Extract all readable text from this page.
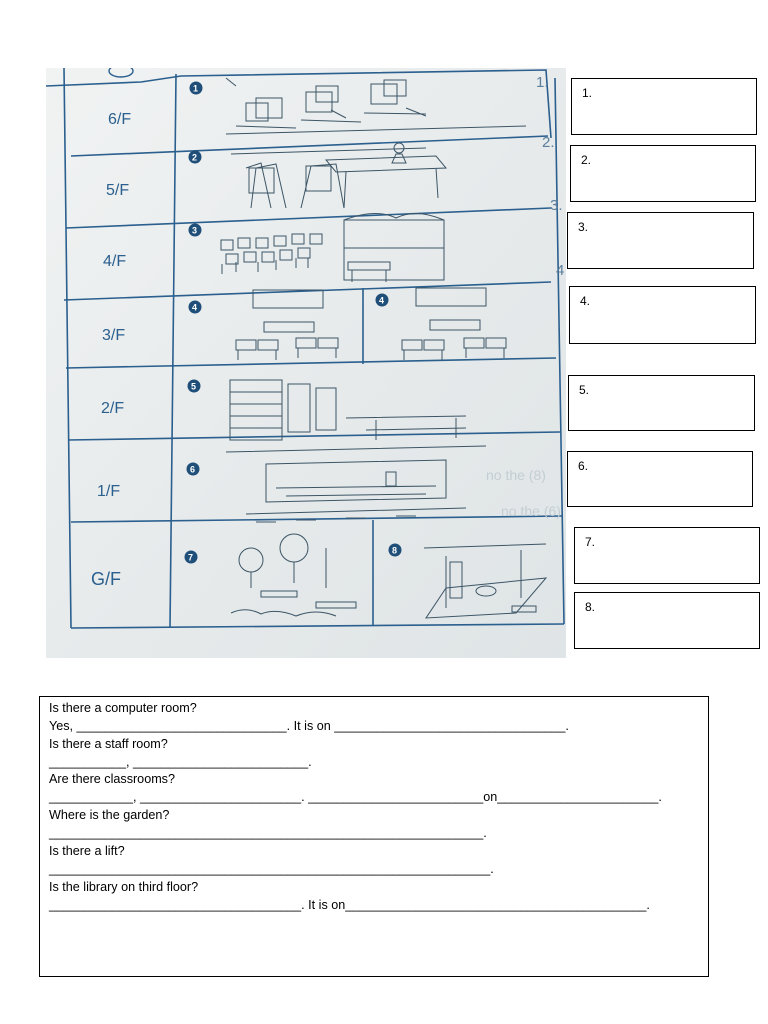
6/F
5/F
4/F
3/F
2/F
1/F
G/F
1.
2.
3.
4
no the (8)
no the (6)
1
2
3
4
4
5
6
7
8
1.
2.
3.
4.
5.
6.
7.
8.
Is there a computer room?
Yes, ______________________________. It is on _________________________________.
Is there a staff room?
___________, _________________________.
Are there classrooms?
____________, _______________________. _________________________on_______________________.
Where is the garden?
______________________________________________________________.
Is there a lift?
_______________________________________________________________.
Is the library on third floor?
____________________________________. It is on___________________________________________.
